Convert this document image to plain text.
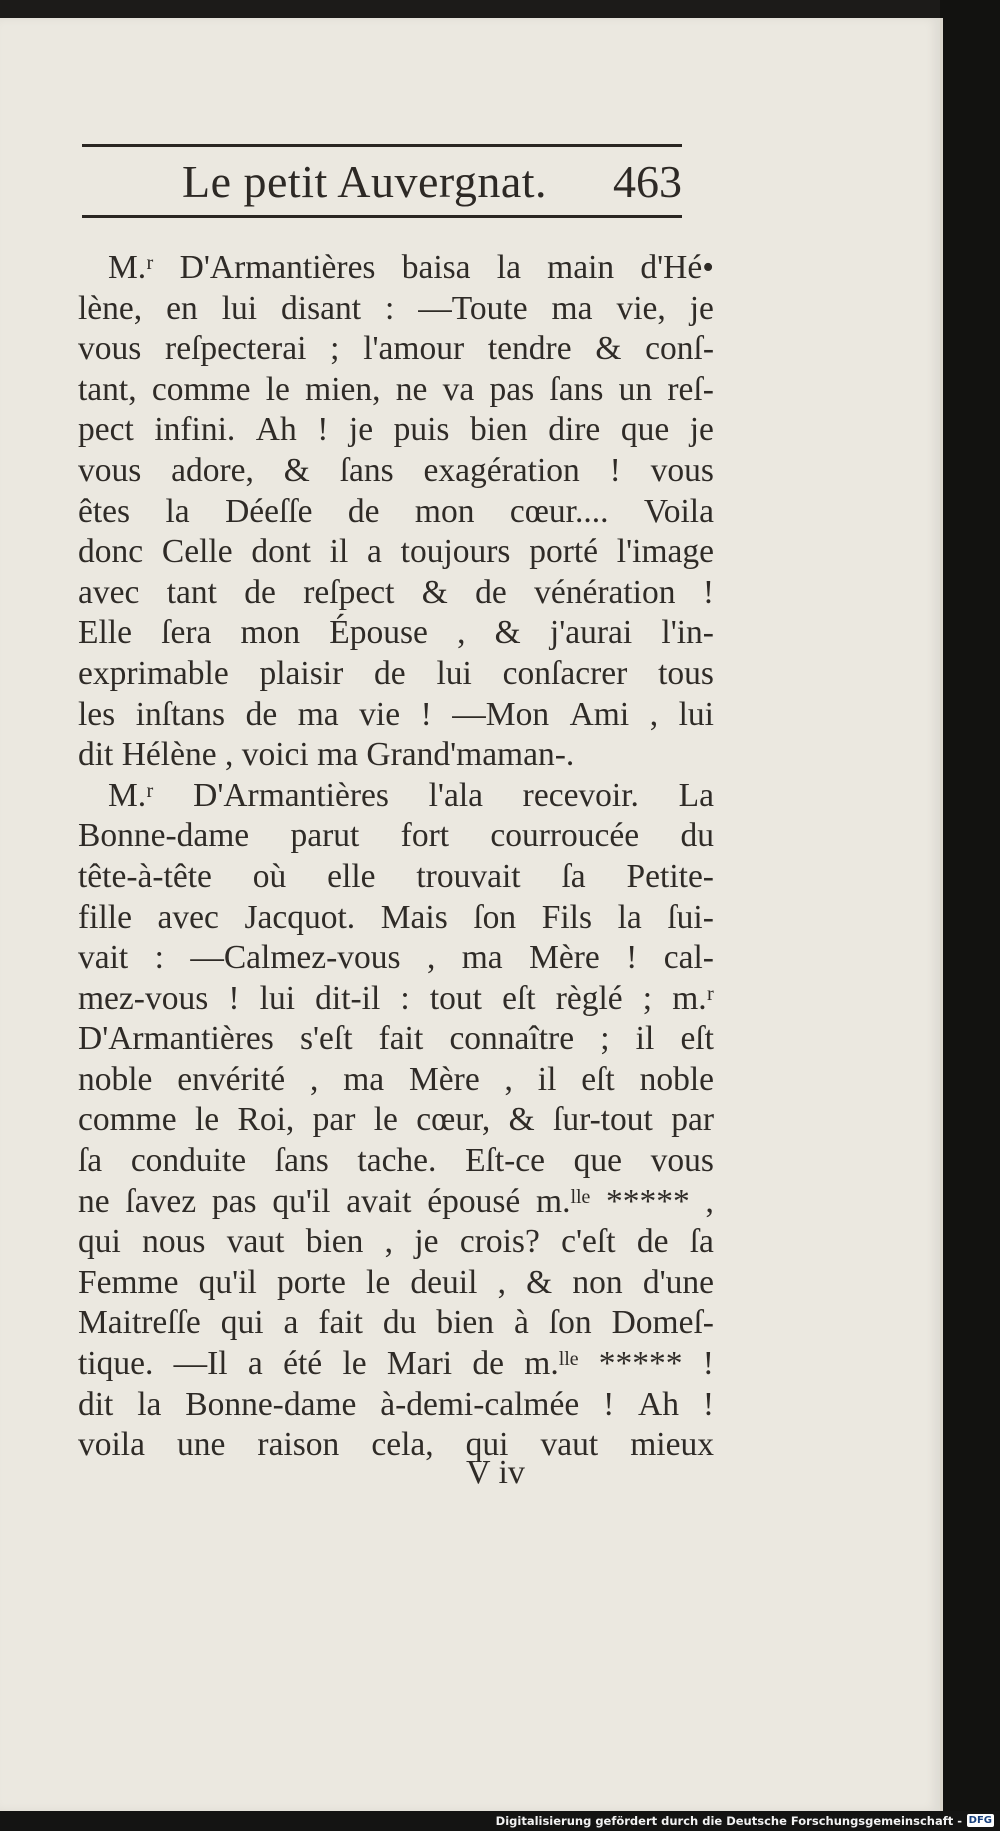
Le petit Auvergnat. 463
M.ʳ D'Armantières baisa la main d'Hé•
lène, en lui disant : —Toute ma vie, je
vous reſpecterai ; l'amour tendre & conſ-
tant, comme le mien, ne va pas ſans un reſ-
pect infini. Ah ! je puis bien dire que je
vous adore, & ſans exagération ! vous
êtes la Déeſſe de mon cœur.... Voila
donc Celle dont il a toujours porté l'image
avec tant de reſpect & de vénération !
Elle ſera mon Épouse , & j'aurai l'in-
exprimable plaisir de lui conſacrer tous
les inſtans de ma vie ! —Mon Ami , lui
dit Hélène , voici ma Grand'maman-.
M.ʳ D'Armantières l'ala recevoir. La
Bonne-dame parut fort courroucée du
tête-à-tête où elle trouvait ſa Petite-
fille avec Jacquot. Mais ſon Fils la ſui-
vait : —Calmez-vous , ma Mère ! cal-
mez-vous ! lui dit-il : tout eſt règlé ; m.ʳ
D'Armantières s'eſt fait connaître ; il eſt
noble envérité , ma Mère , il eſt noble
comme le Roi, par le cœur, & ſur-tout par
ſa conduite ſans tache. Eſt-ce que vous
ne ſavez pas qu'il avait épousé m.ˡˡᵉ ***** ,
qui nous vaut bien , je crois? c'eſt de ſa
Femme qu'il porte le deuil , & non d'une
Maitreſſe qui a fait du bien à ſon Domeſ-
tique. —Il a été le Mari de m.ˡˡᵉ ***** !
dit la Bonne-dame à-demi-calmée ! Ah !
voila une raison cela, qui vaut mieux
V iv
Digitalisierung gefördert durch die Deutsche Forschungsgemeinschaft - DFG
